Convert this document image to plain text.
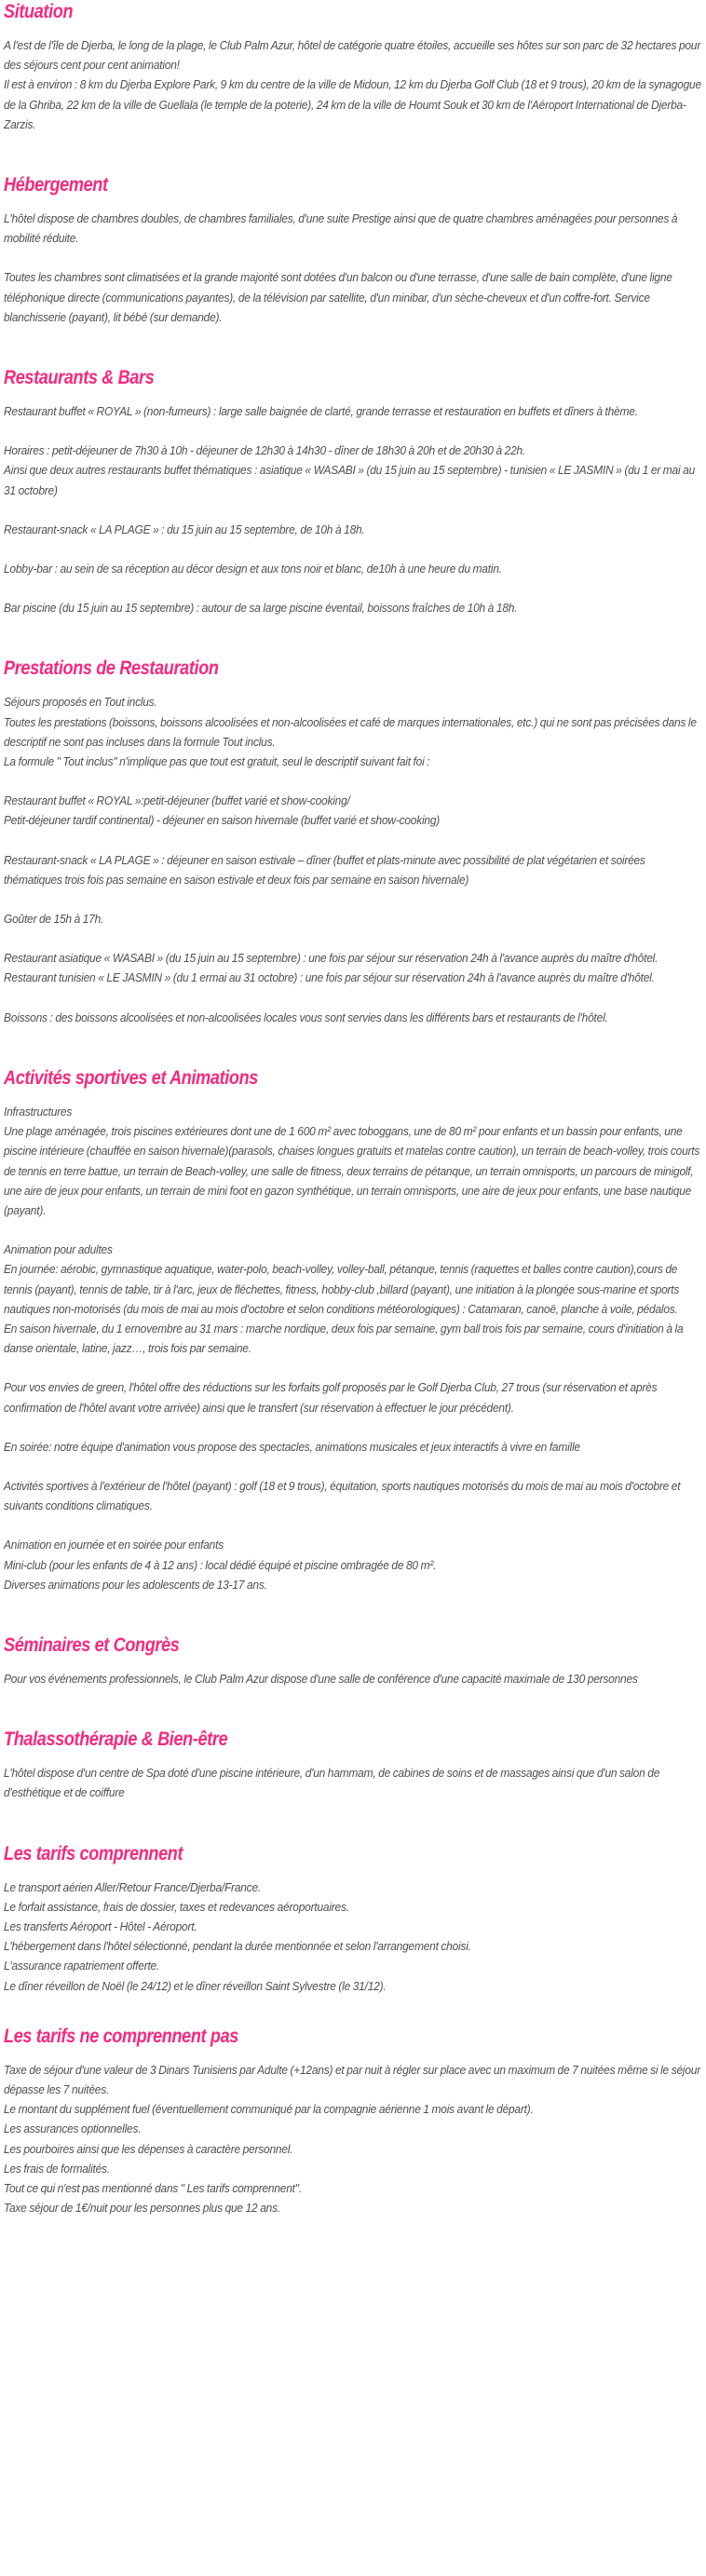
Situation

A l'est de l'île de Djerba, le long de la plage, le Club Palm Azur, hôtel de catégorie quatre étoiles, accueille ses hôtes sur son parc de 32 hectares pour des séjours cent pour cent animation!

Il est à environ : 8 km du Djerba Explore Park, 9 km du centre de la ville de Midoun, 12 km du Djerba Golf Club (18 et 9 trous), 20 km de la synagogue de la Ghriba, 22 km de la ville de Guellala (le temple de la poterie), 24 km de la ville de Houmt Souk et 30 km de l'Aéroport International de Djerba-Zarzis.

Hébergement

L'hôtel dispose de chambres doubles, de chambres familiales, d'une suite Prestige ainsi que de quatre chambres aménagées pour personnes à mobilité réduite.

Toutes les chambres sont climatisées et la grande majorité sont dotées d'un balcon ou d'une terrasse, d'une salle de bain complète, d'une ligne téléphonique directe (communications payantes), de la télévision par satellite, d'un minibar, d'un sèche-cheveux et d'un coffre-fort. Service blanchisserie (payant), lit bébé (sur demande).

Restaurants & Bars

Restaurant buffet « ROYAL » (non-fumeurs) : large salle baignée de clarté, grande terrasse et restauration en buffets et dîners à thème.

Horaires : petit-déjeuner de 7h30 à 10h - déjeuner de 12h30 à 14h30 - dîner de 18h30 à 20h et de 20h30 à 22h.

Ainsi que deux autres restaurants buffet thématiques : asiatique « WASABI » (du 15 juin au 15 septembre) - tunisien « LE JASMIN » (du 1 er mai au 31 octobre)

Restaurant-snack « LA PLAGE » : du 15 juin au 15 septembre, de 10h à 18h.

Lobby-bar : au sein de sa réception au décor design et aux tons noir et blanc, de10h à une heure du matin.

Bar piscine (du 15 juin au 15 septembre) : autour de sa large piscine éventail, boissons fraîches de 10h à 18h.

Prestations de Restauration

Séjours proposés en Tout inclus.

Toutes les prestations (boissons, boissons alcoolisées et non-alcoolisées et café de marques internationales, etc.) qui ne sont pas précisées dans le descriptif ne sont pas incluses dans la formule Tout inclus.

La formule " Tout inclus" n'implique pas que tout est gratuit, seul le descriptif suivant fait foi :

Restaurant buffet « ROYAL »:petit-déjeuner (buffet varié et show-cooking/

Petit-déjeuner tardif continental) - déjeuner en saison hivernale (buffet varié et show-cooking)

Restaurant-snack « LA PLAGE » : déjeuner en saison estivale – dîner (buffet et plats-minute avec possibilité de plat végétarien et soirées thématiques trois fois pas semaine en saison estivale et deux fois par semaine en saison hivernale)

Goûter de 15h à 17h.

Restaurant asiatique « WASABI » (du 15 juin au 15 septembre) : une fois par séjour sur réservation 24h à l'avance auprès du maître d'hôtel.

Restaurant tunisien « LE JASMIN » (du 1 ermai au 31 octobre) : une fois par séjour sur réservation 24h à l'avance auprès du maître d'hôtel.

Boissons : des boissons alcoolisées et non-alcoolisées locales vous sont servies dans les différents bars et restaurants de l'hôtel.

Activités sportives et Animations

Infrastructures

Une plage aménagée, trois piscines extérieures dont une de 1 600 m² avec toboggans, une de 80 m² pour enfants et un bassin pour enfants, une piscine intérieure (chauffée en saison hivernale)(parasols, chaises longues gratuits et matelas contre caution), un terrain de beach-volley, trois courts de tennis en terre battue, un terrain de Beach-volley, une salle de fitness, deux terrains de pétanque, un terrain omnisports, un parcours de minigolf, une aire de jeux pour enfants, un terrain de mini foot en gazon synthétique, un terrain omnisports, une aire de jeux pour enfants, une base nautique (payant).

Animation pour adultes

En journée: aérobic, gymnastique aquatique, water-polo, beach-volley, volley-ball, pétanque, tennis (raquettes et balles contre caution),cours de tennis (payant), tennis de table, tir à l'arc, jeux de fléchettes, fitness, hobby-club ,billard (payant), une initiation à la plongée sous-marine et sports nautiques non-motorisés (du mois de mai au mois d'octobre et selon conditions météorologiques) : Catamaran, canoë, planche à voile, pédalos.

En saison hivernale, du 1 ernovembre au 31 mars : marche nordique, deux fois par semaine, gym ball trois fois par semaine, cours d'initiation à la danse orientale, latine, jazz…, trois fois par semaine.

Pour vos envies de green, l'hôtel offre des réductions sur les forfaits golf proposés par le Golf Djerba Club, 27 trous (sur réservation et après confirmation de l'hôtel avant votre arrivée) ainsi que le transfert (sur réservation à effectuer le jour précédent).

En soirée: notre équipe d'animation vous propose des spectacles, animations musicales et jeux interactifs à vivre en famille

Activités sportives à l'extérieur de l'hôtel (payant) : golf (18 et 9 trous), équitation, sports nautiques motorisés du mois de mai au mois d'octobre et suivants conditions climatiques.

Animation en journée et en soirée pour enfants

Mini-club (pour les enfants de 4 à 12 ans) : local dédié équipé et piscine ombragée de 80 m².

Diverses animations pour les adolescents de 13-17 ans.

Séminaires et Congrès

Pour vos événements professionnels, le Club Palm Azur dispose d'une salle de conférence d'une capacité maximale de 130 personnes

Thalassothérapie & Bien-être

L'hôtel dispose d'un centre de Spa doté d'une piscine intérieure, d'un hammam, de cabines de soins et de massages ainsi que d'un salon de d'esthétique et de coiffure

Les tarifs comprennent

Le transport aérien Aller/Retour France/Djerba/France.

Le forfait assistance, frais de dossier, taxes et redevances aéroportuaires.

Les transferts Aéroport - Hôtel - Aéroport.

L'hébergement dans l'hôtel sélectionné, pendant la durée mentionnée et selon l'arrangement choisi.

L'assurance rapatriement offerte.

Le dîner réveillon de Noël (le 24/12) et le dîner réveillon Saint Sylvestre (le 31/12).

Les tarifs ne comprennent pas

Taxe de séjour d'une valeur de 3 Dinars Tunisiens par Adulte (+12ans) et par nuit à régler sur place avec un maximum de 7 nuitées même si le séjour dépasse les 7 nuitées.

Le montant du supplément fuel (éventuellement communiqué par la compagnie aérienne 1 mois avant le départ).

Les assurances optionnelles.

Les pourboires ainsi que les dépenses à caractère personnel.

Les frais de formalités.

Tout ce qui n'est pas mentionné dans " Les tarifs comprennent".

Taxe séjour de 1€/nuit pour les personnes plus que 12 ans.
